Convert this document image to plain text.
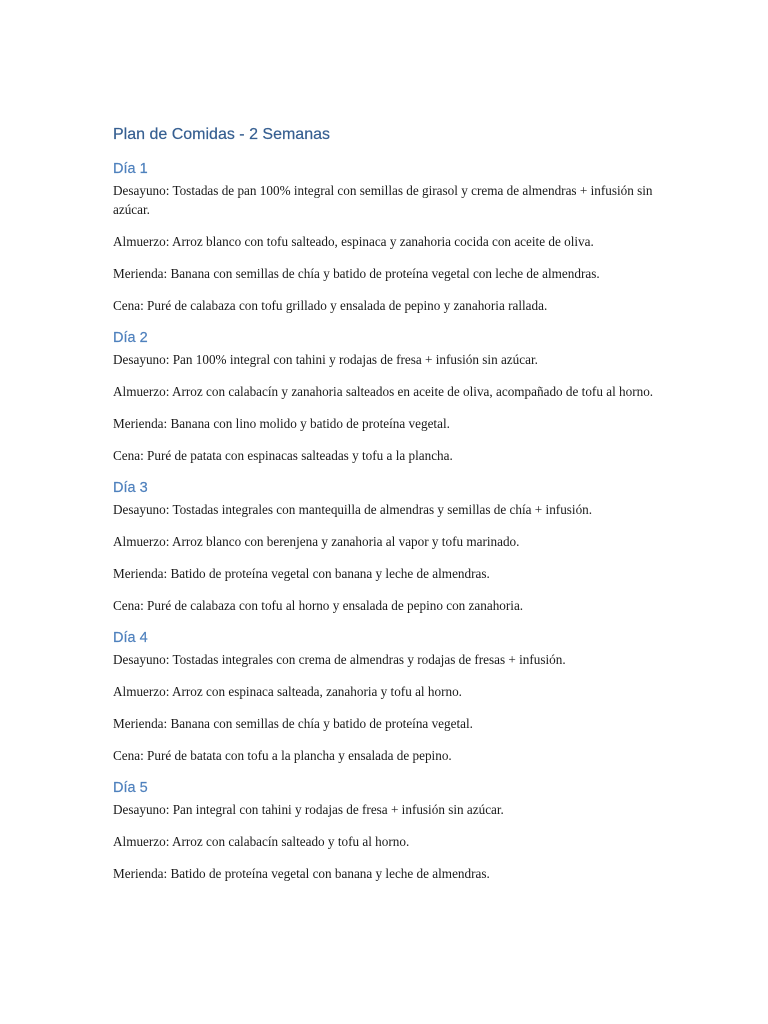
Plan de Comidas - 2 Semanas
Día 1

Desayuno: Tostadas de pan 100% integral con semillas de girasol y crema de almendras + infusión sin azúcar.

Almuerzo: Arroz blanco con tofu salteado, espinaca y zanahoria cocida con aceite de oliva.

Merienda: Banana con semillas de chía y batido de proteína vegetal con leche de almendras.

Cena: Puré de calabaza con tofu grillado y ensalada de pepino y zanahoria rallada.

Día 2

Desayuno: Pan 100% integral con tahini y rodajas de fresa + infusión sin azúcar.

Almuerzo: Arroz con calabacín y zanahoria salteados en aceite de oliva, acompañado de tofu al horno.

Merienda: Banana con lino molido y batido de proteína vegetal.

Cena: Puré de patata con espinacas salteadas y tofu a la plancha.

Día 3

Desayuno: Tostadas integrales con mantequilla de almendras y semillas de chía + infusión.

Almuerzo: Arroz blanco con berenjena y zanahoria al vapor y tofu marinado.

Merienda: Batido de proteína vegetal con banana y leche de almendras.

Cena: Puré de calabaza con tofu al horno y ensalada de pepino con zanahoria.

Día 4

Desayuno: Tostadas integrales con crema de almendras y rodajas de fresas + infusión.

Almuerzo: Arroz con espinaca salteada, zanahoria y tofu al horno.

Merienda: Banana con semillas de chía y batido de proteína vegetal.

Cena: Puré de batata con tofu a la plancha y ensalada de pepino.

Día 5

Desayuno: Pan integral con tahini y rodajas de fresa + infusión sin azúcar.

Almuerzo: Arroz con calabacín salteado y tofu al horno.

Merienda: Batido de proteína vegetal con banana y leche de almendras.
